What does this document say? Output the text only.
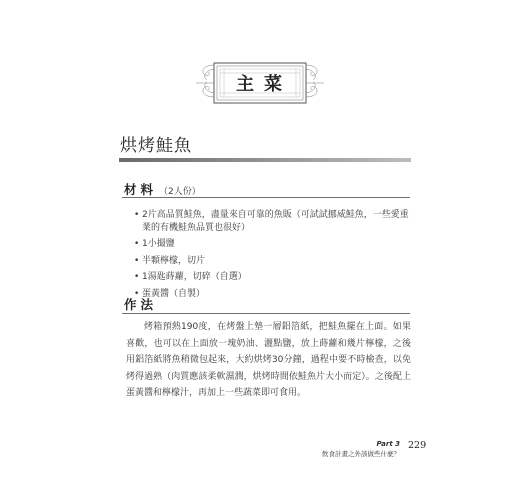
主菜
烘烤鮭魚
材料 （2人份）
• 2片高品質鮭魚，盡量來自可靠的魚販（可試試挪威鮭魚，一些愛重業的有機鮭魚品質也很好）
• 1小撮鹽
• 半顆檸檬，切片
• 1湯匙蒔蘿，切碎（自選）
• 蛋黃醬（自製）
作法

烤箱預熱190度，在烤盤上墊一層鋁箔紙，把鮭魚擺在上面。如果喜歡，也可以在上面放一塊奶油、灑點鹽，放上蒔蘿和幾片檸檬，之後用鋁箔紙將魚稍微包起來，大約烘烤30分鐘，過程中要不時檢查，以免烤得過熟（肉質應該柔軟濕潤，烘烤時間依鮭魚片大小而定）。之後配上蛋黃醬和檸檬汁，再加上一些蔬菜即可食用。

Part 3
飲食計畫之外該做些什麼？
229
